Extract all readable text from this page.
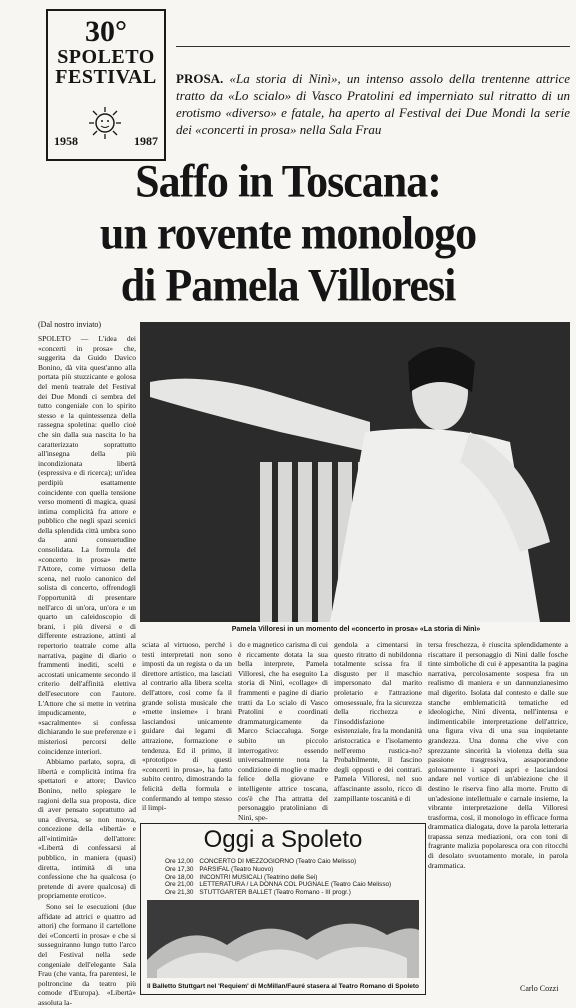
30°
SPOLETO
FESTIVAL
1958	1987
PROSA. «La storia di Ninì», un intenso assolo della trentenne attrice tratto da «Lo scialo» di Vasco Pratolini ed imperniato sul ritratto di un erotismo «diverso» e fatale, ha aperto al Festival dei Due Mondi la serie dei «concerti in prosa» nella Sala Frau
Saffo in Toscana:
un rovente monologo
di Pamela Villoresi
(Dal nostro inviato)
Pamela Villoresi in un momento del «concerto in prosa» «La storia di Ninì»

SPOLETO — L'idea dei «concerti in prosa» che, suggerita da Guido Davico Bonino, dà vita quest'anno alla portata più stuzzicante e golosa del menù teatrale del Festival dei Due Mondi ci sembra del tutto congeniale con lo spirito stesso e la quintessenza della rassegna spoletina: quello cioè che sin dalla sua nascita lo ha caratterizzato soprattutto all'insegna della più incondizionata libertà (espressiva e di ricerca); un'idea perdipiù esattamente coincidente con quella tensione verso momenti di magica, quasi intima complicità fra attore e pubblico che negli spazi scenici della splendida città umbra sono da anni consuetudine consolidata. La formula del «concerto in prosa» mette l'Attore, come virtuoso della scena, nel ruolo canonico del solista di concerto, offrendogli l'opportunità di presentare nell'arco di un'ora, un'ora e un quarto un caleidoscopio di brani, i più diversi e di differente estrazione, attinti al repertorio teatrale come alla narrativa, pagine di diario o frammenti inediti, scelti e accostati unicamente secondo il criterio dell'affinità elettiva dell'esecutore con l'autore. L'Attore che si mette in vetrina impudicamente, e «sacralmente» si confessa dichiarando le sue preferenze e i misteriosi percorsi delle coincidenze interiori.

Abbiamo parlato, sopra, di libertà e complicità intima fra spettatori e attore; Davico Bonino, nello spiegare le ragioni della sua proposta, dice di aver pensato soprattutto ad una diversa, se non nuova, concezione della «libertà» e all'«intimità» dell'attore: «Libertà di confessarsi al pubblico, in maniera (quasi) diretta, intimità di una confessione che ha qualcosa (o pretende di avere qualcosa) di propriamente erotico».

Sono sei le esecuzioni (due affidate ad attrici e quattro ad attori) che formano il cartellone dei «Concerti in prosa» e che si susseguiranno lungo tutto l'arco del Festival nella sede congeniale dell'elegante Sala Frau (che vanta, fra parentesi, le poltroncine da teatro più comode d'Europa). «Libertà» assoluta la-

sciata al virtuoso, perché i testi interpretati non sono imposti da un regista o da un direttore artistico, ma lasciati al contrario alla libera scelta dell'attore, così come fa il grande solista musicale che «mette insieme» i brani lasciandosi unicamente guidare dai legami di attrazione, formazione e tendenza. Ed il primo, il «prototipo» di questi «concerti in prosa», ha fatto subito centro, dimostrando la felicità della formula e confermando al tempo stesso il limpi-

do e magnetico carisma di cui è riccamente dotata la sua bella interprete, Pamela Villoresi, che ha eseguito La storia di Ninì, «collage» di frammenti e pagine di diario tratti da Lo scialo di Vasco Pratolini e coordinati drammaturgicamente da Marco Sciaccaluga. Sorge subito un piccolo interrogativo: essendo universalmente nota la condizione di moglie e madre felice della giovane e intelligente attrice toscana, cos'è che l'ha attratta del personaggio pratoliniano di Ninì, spe-

gendola a cimentarsi in questo ritratto di nubildonna totalmente scissa fra il disgusto per il maschio impersonato dal marito proletario e l'attrazione omosessuale, fra la sicurezza della ricchezza e l'insoddisfazione esistenziale, fra la mondanità aristocratica e l'isolamento nell'eremo rustica-no? Probabilmente, il fascino degli opposti e dei contrari. Pamela Villoresi, nel suo affascinante assolo, ricco di zampillante toscanità e di

tersa freschezza, è riuscita splendidamente a riscattare il personaggio di Ninì dalle fosche tinte simboliche di cui è appesantita la pagina narrativa, percolosamente sospesa fra un realismo di maniera e un dannunzianesimo mal digerito. Isolata dal contesto e dalle sue stanche emblematicità tematiche ed ideologiche, Ninì diventa, nell'intensa e indimenticabile interpretazione dell'attrice, una figura viva di una sua inquietante grandezza. Una donna che vive con sprezzante sincerità la violenza della sua passione trasgressiva, assaporandone golosamente i sapori aspri e lasciandosi andare nel vortice di un'abiezione che il destino le riserva fino alla morte. Frutto di un'adesione intellettuale e carnale insieme, la vibrante interpretazione della Villoresi trasforma, così, il monologo in efficace forma drammatica dialogata, dove la parola letteraria trapassa senza mediazioni, ora con toni di fragrante malizia popolaresca ora con ritocchi di desolato svuotamento morale, in parola drammatica.

Oggi a Spoleto
Ore 12,00 CONCERTO DI MEZZOGIORNO (Teatro Caio Melisso)
Ore 17,30 PARSIFAL (Teatro Nuovo)
Ore 18,00 INCONTRI MUSICALI (Teatrino delle Sei)
Ore 21,00 LETTERATURA / LA DONNA COL PUGNALE (Teatro Caio Melisso)
Ore 21,30 STUTTGARTER BALLET (Teatro Romano - III progr.)
Il Balletto Stuttgart nel 'Requiem' di McMillan/Fauré stasera al Teatro Romano di Spoleto	Carlo Cozzi
